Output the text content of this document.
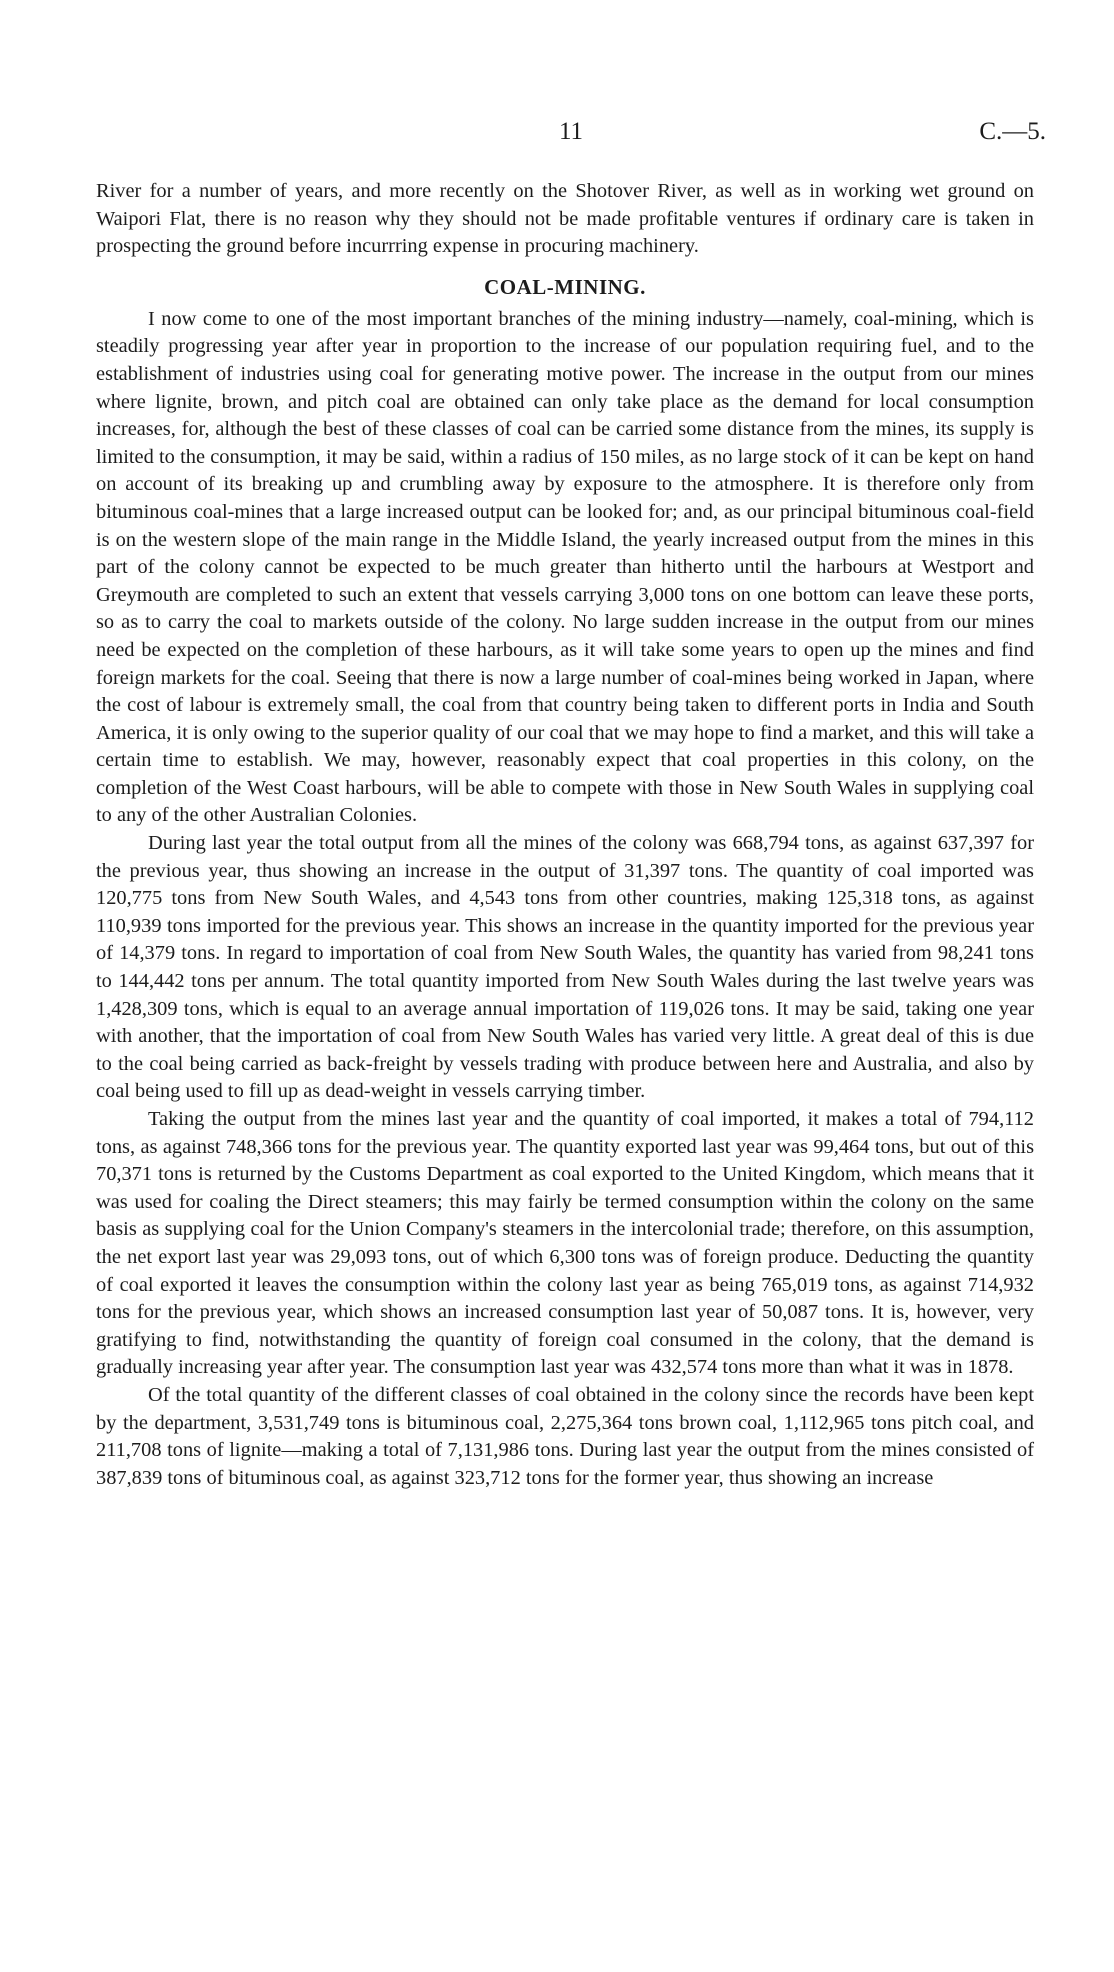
11	C.—5.

River for a number of years, and more recently on the Shotover River, as well as in working wet ground on Waipori Flat, there is no reason why they should not be made profitable ventures if ordinary care is taken in prospecting the ground before incurrring expense in procuring machinery.

COAL-MINING.

I now come to one of the most important branches of the mining industry—namely, coal-mining, which is steadily progressing year after year in proportion to the increase of our population requiring fuel, and to the establishment of industries using coal for generating motive power. The increase in the output from our mines where lignite, brown, and pitch coal are obtained can only take place as the demand for local consumption increases, for, although the best of these classes of coal can be carried some distance from the mines, its supply is limited to the consumption, it may be said, within a radius of 150 miles, as no large stock of it can be kept on hand on account of its breaking up and crumbling away by exposure to the atmosphere. It is therefore only from bituminous coal-mines that a large increased output can be looked for; and, as our principal bituminous coal-field is on the western slope of the main range in the Middle Island, the yearly increased output from the mines in this part of the colony cannot be expected to be much greater than hitherto until the harbours at Westport and Greymouth are completed to such an extent that vessels carrying 3,000 tons on one bottom can leave these ports, so as to carry the coal to markets outside of the colony. No large sudden increase in the output from our mines need be expected on the completion of these harbours, as it will take some years to open up the mines and find foreign markets for the coal. Seeing that there is now a large number of coal-mines being worked in Japan, where the cost of labour is extremely small, the coal from that country being taken to different ports in India and South America, it is only owing to the superior quality of our coal that we may hope to find a market, and this will take a certain time to establish. We may, however, reasonably expect that coal properties in this colony, on the completion of the West Coast harbours, will be able to compete with those in New South Wales in supplying coal to any of the other Australian Colonies.

During last year the total output from all the mines of the colony was 668,794 tons, as against 637,397 for the previous year, thus showing an increase in the output of 31,397 tons. The quantity of coal imported was 120,775 tons from New South Wales, and 4,543 tons from other countries, making 125,318 tons, as against 110,939 tons imported for the previous year. This shows an increase in the quantity imported for the previous year of 14,379 tons. In regard to importation of coal from New South Wales, the quantity has varied from 98,241 tons to 144,442 tons per annum. The total quantity imported from New South Wales during the last twelve years was 1,428,309 tons, which is equal to an average annual importation of 119,026 tons. It may be said, taking one year with another, that the importation of coal from New South Wales has varied very little. A great deal of this is due to the coal being carried as back-freight by vessels trading with produce between here and Australia, and also by coal being used to fill up as dead-weight in vessels carrying timber.

Taking the output from the mines last year and the quantity of coal imported, it makes a total of 794,112 tons, as against 748,366 tons for the previous year. The quantity exported last year was 99,464 tons, but out of this 70,371 tons is returned by the Customs Department as coal exported to the United Kingdom, which means that it was used for coaling the Direct steamers; this may fairly be termed consumption within the colony on the same basis as supplying coal for the Union Company's steamers in the intercolonial trade; therefore, on this assumption, the net export last year was 29,093 tons, out of which 6,300 tons was of foreign produce. Deducting the quantity of coal exported it leaves the consumption within the colony last year as being 765,019 tons, as against 714,932 tons for the previous year, which shows an increased consumption last year of 50,087 tons. It is, however, very gratifying to find, notwithstanding the quantity of foreign coal consumed in the colony, that the demand is gradually increasing year after year. The consumption last year was 432,574 tons more than what it was in 1878.

Of the total quantity of the different classes of coal obtained in the colony since the records have been kept by the department, 3,531,749 tons is bituminous coal, 2,275,364 tons brown coal, 1,112,965 tons pitch coal, and 211,708 tons of lignite—making a total of 7,131,986 tons. During last year the output from the mines consisted of 387,839 tons of bituminous coal, as against 323,712 tons for the former year, thus showing an increase
